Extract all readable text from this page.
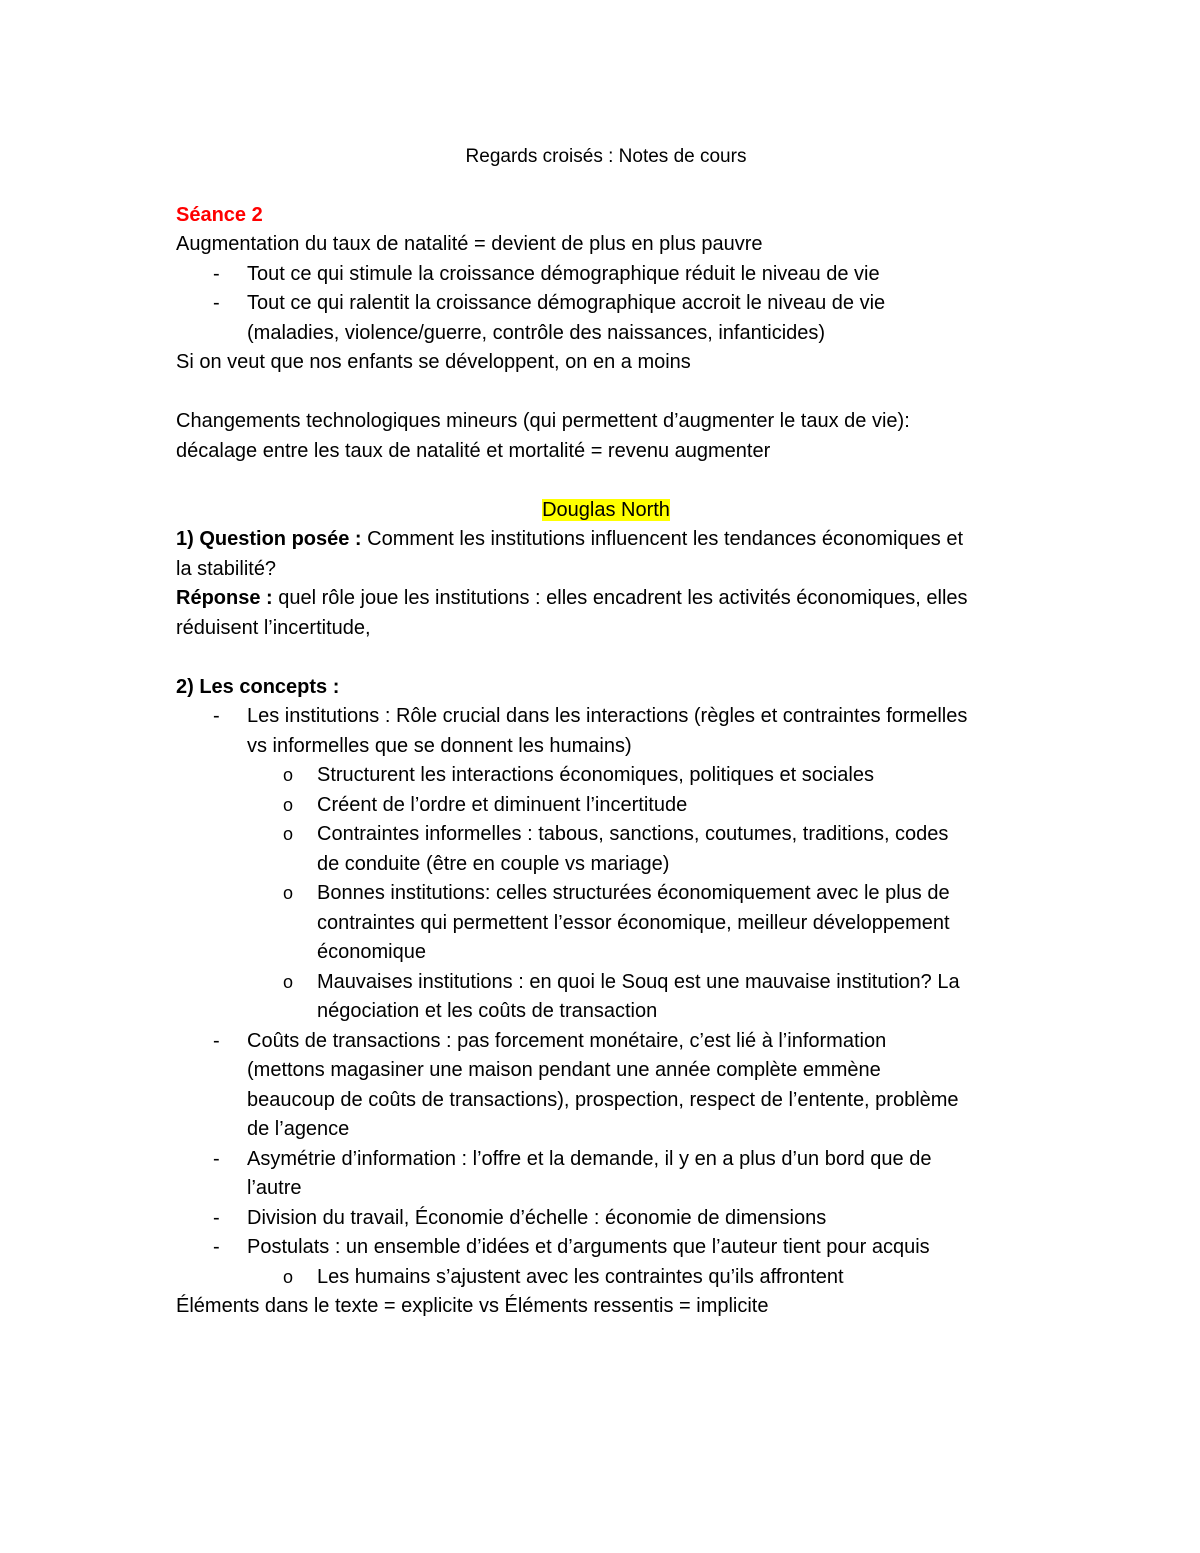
Regards croisés : Notes de cours
Séance 2
Augmentation du taux de natalité = devient de plus en plus pauvre
- Tout ce qui stimule la croissance démographique réduit le niveau de vie
- Tout ce qui ralentit la croissance démographique accroit le niveau de vie
(maladies, violence/guerre, contrôle des naissances, infanticides)
Si on veut que nos enfants se développent, on en a moins
Changements technologiques mineurs (qui permettent d’augmenter le taux de vie):
décalage entre les taux de natalité et mortalité = revenu augmenter
Douglas North
1) Question posée : Comment les institutions influencent les tendances économiques et
la stabilité?
Réponse : quel rôle joue les institutions : elles encadrent les activités économiques, elles
réduisent l’incertitude,
2) Les concepts :
- Les institutions : Rôle crucial dans les interactions (règles et contraintes formelles
vs informelles que se donnent les humains)
o Structurent les interactions économiques, politiques et sociales
o Créent de l’ordre et diminuent l’incertitude
o Contraintes informelles : tabous, sanctions, coutumes, traditions, codes
de conduite (être en couple vs mariage)
o Bonnes institutions: celles structurées économiquement avec le plus de
contraintes qui permettent l’essor économique, meilleur développement
économique
o Mauvaises institutions : en quoi le Souq est une mauvaise institution? La
négociation et les coûts de transaction
- Coûts de transactions : pas forcement monétaire, c’est lié à l’information
(mettons magasiner une maison pendant une année complète emmène
beaucoup de coûts de transactions), prospection, respect de l’entente, problème
de l’agence
- Asymétrie d’information : l’offre et la demande, il y en a plus d’un bord que de
l’autre
- Division du travail, Économie d’échelle : économie de dimensions
- Postulats : un ensemble d’idées et d’arguments que l’auteur tient pour acquis
o Les humains s’ajustent avec les contraintes qu’ils affrontent
Éléments dans le texte = explicite vs Éléments ressentis = implicite
